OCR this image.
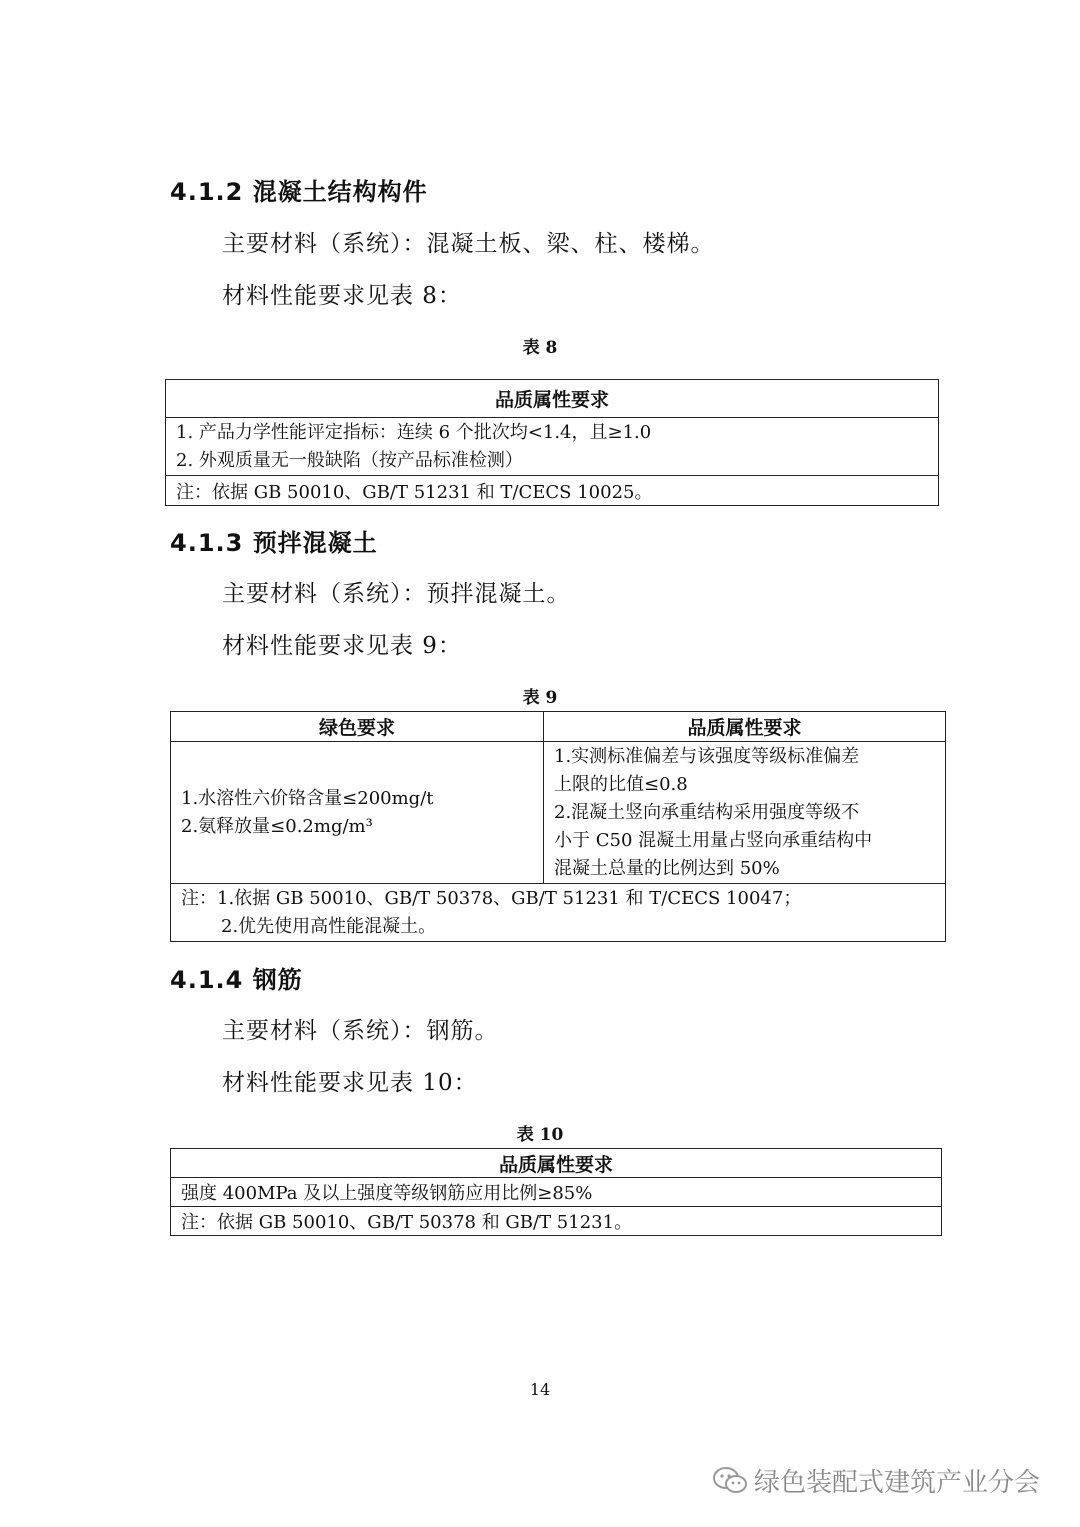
4.1.2 混凝土结构构件
主要材料（系统）：混凝土板、梁、柱、楼梯。
材料性能要求见表 8：
表 8
品质属性要求

1. 产品力学性能评定指标：连续 6 个批次均<1.4，且≥1.0
2. 外观质量无一般缺陷（按产品标准检测）

注：依据 GB 50010、GB/T 51231 和 T/CECS 10025。
4.1.3 预拌混凝土
主要材料（系统）：预拌混凝土。
材料性能要求见表 9：
表 9
绿色要求	品质属性要求

1.水溶性六价铬含量≤200mg/t
2.氨释放量≤0.2mg/m³	1.实测标准偏差与该强度等级标准偏差
上限的比值≤0.8
2.混凝土竖向承重结构采用强度等级不
小于 C50 混凝土用量占竖向承重结构中
混凝土总量的比例达到 50%

注：1.依据 GB 50010、GB/T 50378、GB/T 51231 和 T/CECS 10047；
2.优先使用高性能混凝土。	
4.1.4 钢筋
主要材料（系统）：钢筋。
材料性能要求见表 10：
表 10
品质属性要求
强度 400MPa 及以上强度等级钢筋应用比例≥85%
注：依据 GB 50010、GB/T 50378 和 GB/T 51231。
14
绿色装配式建筑产业分会
